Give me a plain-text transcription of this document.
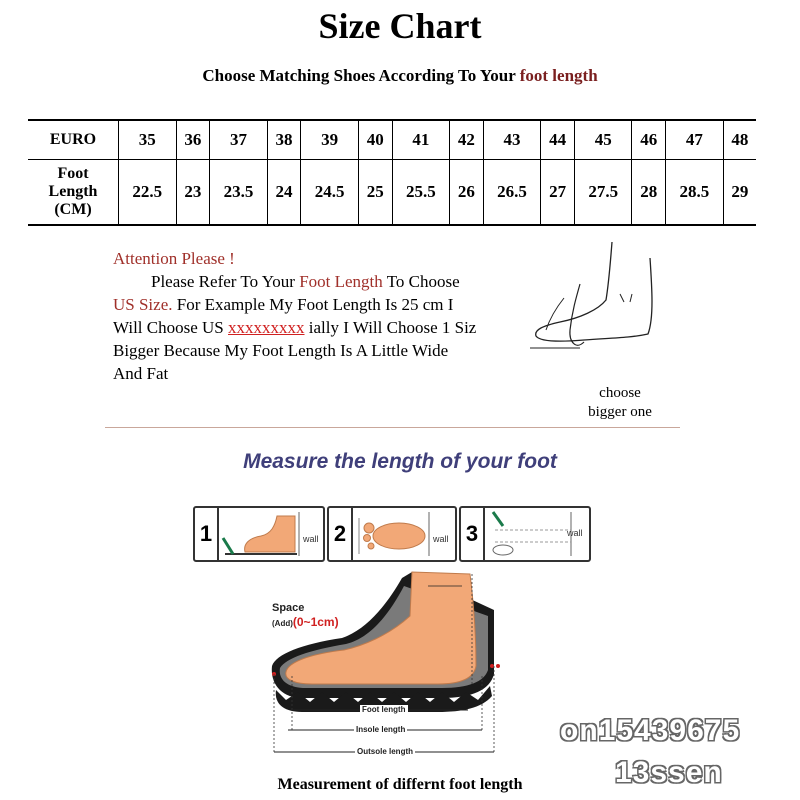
Size Chart
Choose Matching Shoes According To Your foot length
EURO	35	36	37	38	39	40	41	42	43	44	45	46	47	48

Foot
Length
(CM)	22.5	23	23.5	24	24.5	25	25.5	26	26.5	27	27.5	28	28.5	29
Attention Please !
Please Refer To Your Foot Length To Choose
US Size. For Example My Foot Length Is 25 cm I
Will Choose US xxxxxxxxx ially I Will Choose 1 Siz
Bigger Because My Foot Length Is A Little Wide
And Fat
choose
bigger one
Measure the length of your foot
1	wall 2	wall 3	wall
Space
(Add)(0~1cm)
Foot length
Insole length
Outsole length
Measurement of differnt foot length
on15439675
13ssen
